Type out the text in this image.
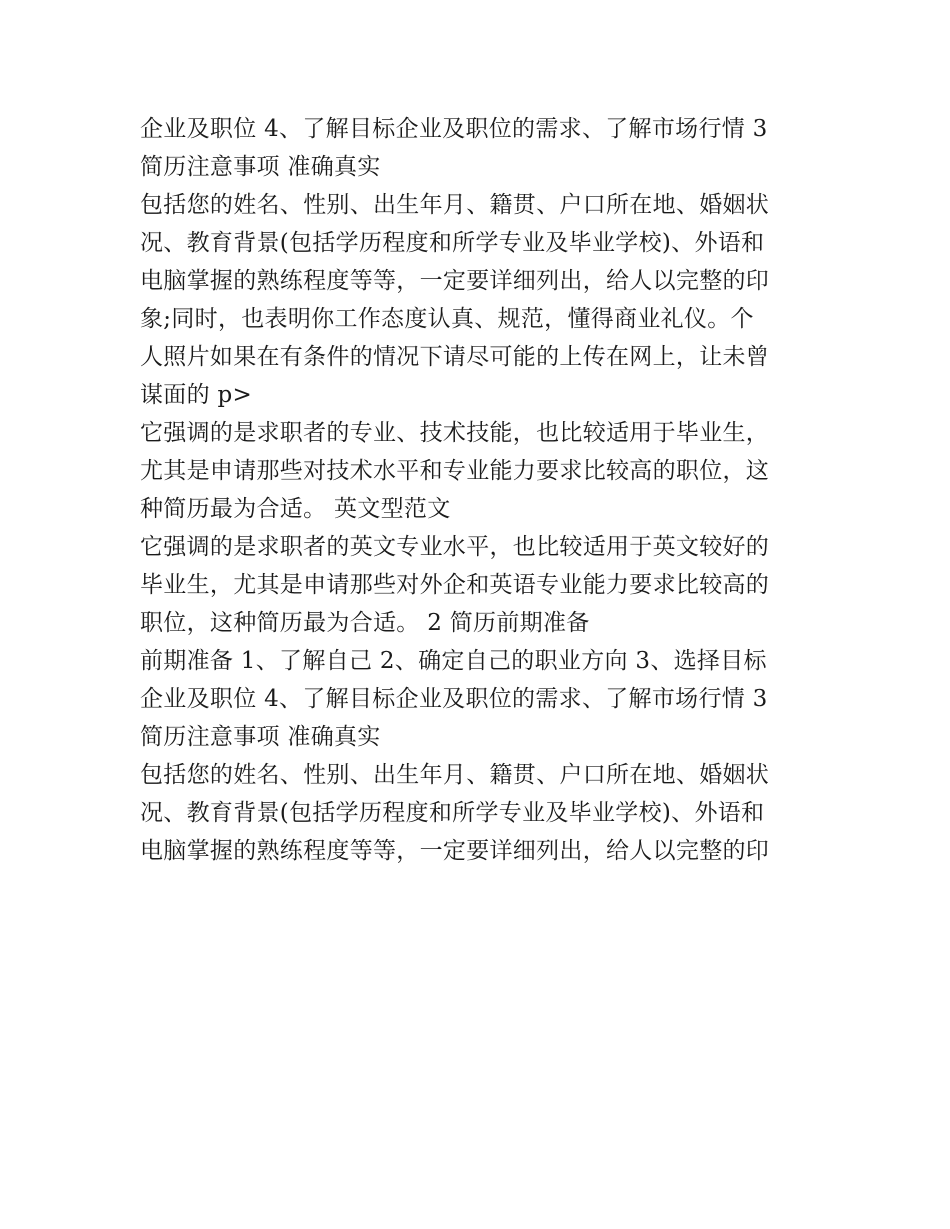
企业及职位 4、了解目标企业及职位的需求、了解市场行情 3
简历注意事项 准确真实
包括您的姓名、性别、出生年月、籍贯、户口所在地、婚姻状
况、教育背景(包括学历程度和所学专业及毕业学校)、外语和
电脑掌握的熟练程度等等，一定要详细列出，给人以完整的印
象;同时，也表明你工作态度认真、规范，懂得商业礼仪。个
人照片如果在有条件的情况下请尽可能的上传在网上，让未曾
谋面的 p>
它强调的是求职者的专业、技术技能，也比较适用于毕业生，
尤其是申请那些对技术水平和专业能力要求比较高的职位，这
种简历最为合适。 英文型范文
它强调的是求职者的英文专业水平，也比较适用于英文较好的
毕业生，尤其是申请那些对外企和英语专业能力要求比较高的
职位，这种简历最为合适。 2 简历前期准备
前期准备 1、了解自己 2、确定自己的职业方向 3、选择目标
企业及职位 4、了解目标企业及职位的需求、了解市场行情 3
简历注意事项 准确真实
包括您的姓名、性别、出生年月、籍贯、户口所在地、婚姻状
况、教育背景(包括学历程度和所学专业及毕业学校)、外语和
电脑掌握的熟练程度等等，一定要详细列出，给人以完整的印
